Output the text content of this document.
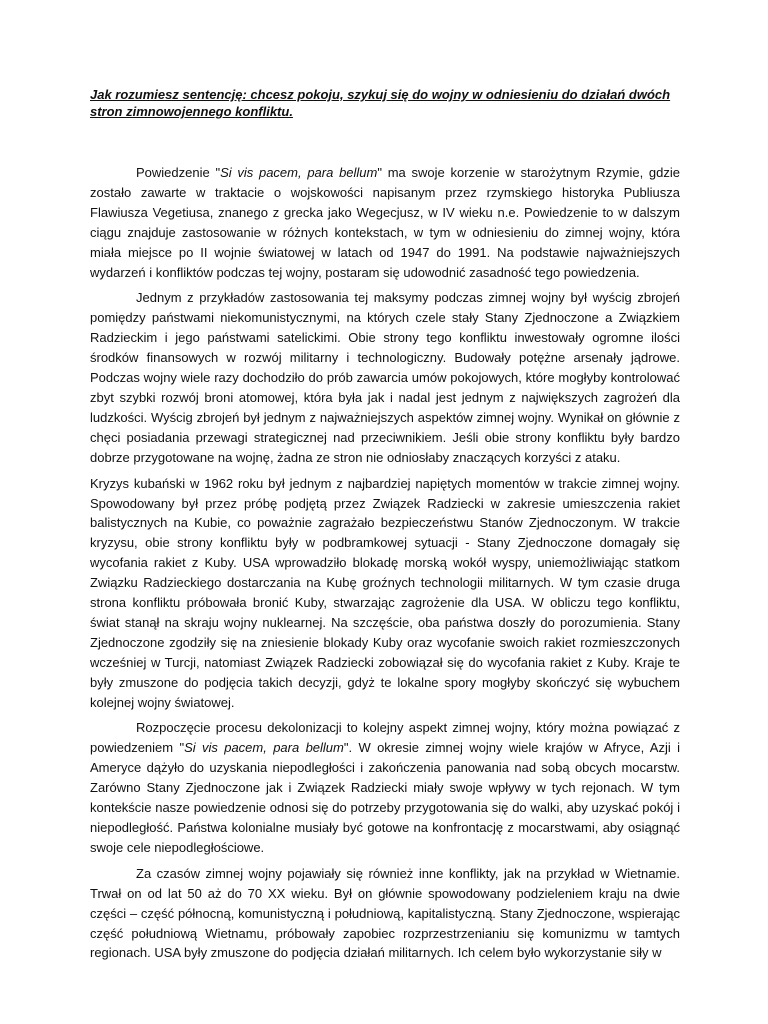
Jak rozumiesz sentencję: chcesz pokoju, szykuj się do wojny w odniesieniu do działań dwóch stron zimnowojennego konfliktu.

Powiedzenie "Si vis pacem, para bellum" ma swoje korzenie w starożytnym Rzymie, gdzie zostało zawarte w traktacie o wojskowości napisanym przez rzymskiego historyka Publiusza Flawiusza Vegetiusa, znanego z grecka jako Wegecjusz, w IV wieku n.e. Powiedzenie to w dalszym ciągu znajduje zastosowanie w różnych kontekstach, w tym w odniesieniu do zimnej wojny, która miała miejsce po II wojnie światowej w latach od 1947 do 1991. Na podstawie najważniejszych wydarzeń i konfliktów podczas tej wojny, postaram się udowodnić zasadność tego powiedzenia.

Jednym z przykładów zastosowania tej maksymy podczas zimnej wojny był wyścig zbrojeń pomiędzy państwami niekomunistycznymi, na których czele stały Stany Zjednoczone a Związkiem Radzieckim i jego państwami satelickimi. Obie strony tego konfliktu inwestowały ogromne ilości środków finansowych w rozwój militarny i technologiczny. Budowały potężne arsenały jądrowe. Podczas wojny wiele razy dochodziło do prób zawarcia umów pokojowych, które mogłyby kontrolować zbyt szybki rozwój broni atomowej, która była jak i nadal jest jednym z największych zagrożeń dla ludzkości. Wyścig zbrojeń był jednym z najważniejszych aspektów zimnej wojny. Wynikał on głównie z chęci posiadania przewagi strategicznej nad przeciwnikiem. Jeśli obie strony konfliktu były bardzo dobrze przygotowane na wojnę, żadna ze stron nie odniosłaby znaczących korzyści z ataku.

Kryzys kubański w 1962 roku był jednym z najbardziej napiętych momentów w trakcie zimnej wojny. Spowodowany był przez próbę podjętą przez Związek Radziecki w zakresie umieszczenia rakiet balistycznych na Kubie, co poważnie zagrażało bezpieczeństwu Stanów Zjednoczonym. W trakcie kryzysu, obie strony konfliktu były w podbramkowej sytuacji - Stany Zjednoczone domagały się wycofania rakiet z Kuby. USA wprowadziło blokadę morską wokół wyspy, uniemożliwiając statkom Związku Radzieckiego dostarczania na Kubę groźnych technologii militarnych. W tym czasie druga strona konfliktu próbowała bronić Kuby, stwarzając zagrożenie dla USA. W obliczu tego konfliktu, świat stanął na skraju wojny nuklearnej. Na szczęście, oba państwa doszły do porozumienia. Stany Zjednoczone zgodziły się na zniesienie blokady Kuby oraz wycofanie swoich rakiet rozmieszczonych wcześniej w Turcji, natomiast Związek Radziecki zobowiązał się do wycofania rakiet z Kuby. Kraje te były zmuszone do podjęcia takich decyzji, gdyż te lokalne spory mogłyby skończyć się wybuchem kolejnej wojny światowej.

Rozpoczęcie procesu dekolonizacji to kolejny aspekt zimnej wojny, który można powiązać z powiedzeniem "Si vis pacem, para bellum". W okresie zimnej wojny wiele krajów w Afryce, Azji i Ameryce dążyło do uzyskania niepodległości i zakończenia panowania nad sobą obcych mocarstw. Zarówno Stany Zjednoczone jak i Związek Radziecki miały swoje wpływy w tych rejonach. W tym kontekście nasze powiedzenie odnosi się do potrzeby przygotowania się do walki, aby uzyskać pokój i niepodległość. Państwa kolonialne musiały być gotowe na konfrontację z mocarstwami, aby osiągnąć swoje cele niepodległościowe.

Za czasów zimnej wojny pojawiały się również inne konflikty, jak na przykład w Wietnamie. Trwał on od lat 50 aż do 70 XX wieku. Był on głównie spowodowany podzieleniem kraju na dwie części – część północną, komunistyczną i południową, kapitalistyczną. Stany Zjednoczone, wspierając część południową Wietnamu, próbowały zapobiec rozprzestrzenianiu się komunizmu w tamtych regionach. USA były zmuszone do podjęcia działań militarnych. Ich celem było wykorzystanie siły w
